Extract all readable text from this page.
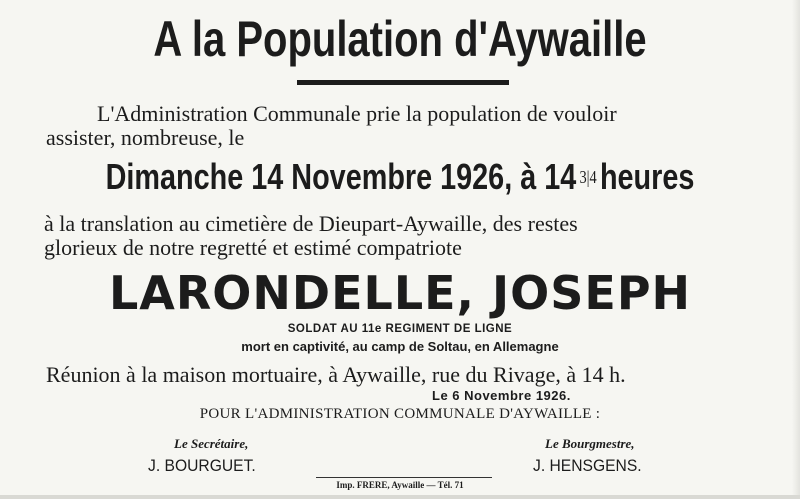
A la Population d'Aywaille
L'Administration Communale prie la population de vouloir
assister, nombreuse, le
Dimanche 14 Novembre 1926, à 14 3|4heures
à la translation au cimetière de Dieupart-Aywaille, des restes
glorieux de notre regretté et estimé compatriote
LARONDELLE, JOSEPH
SOLDAT AU 11e REGIMENT DE LIGNE
mort en captivité, au camp de Soltau, en Allemagne
Réunion à la maison mortuaire, à Aywaille, rue du Rivage, à 14 h.
Le 6 Novembre 1926.
POUR L'ADMINISTRATION COMMUNALE D'AYWAILLE :
Le Secrétaire,	Le Bourgmestre,
J. BOURGUET.	J. HENSGENS.
Imp. FRERE, Aywaille — Tél. 71
